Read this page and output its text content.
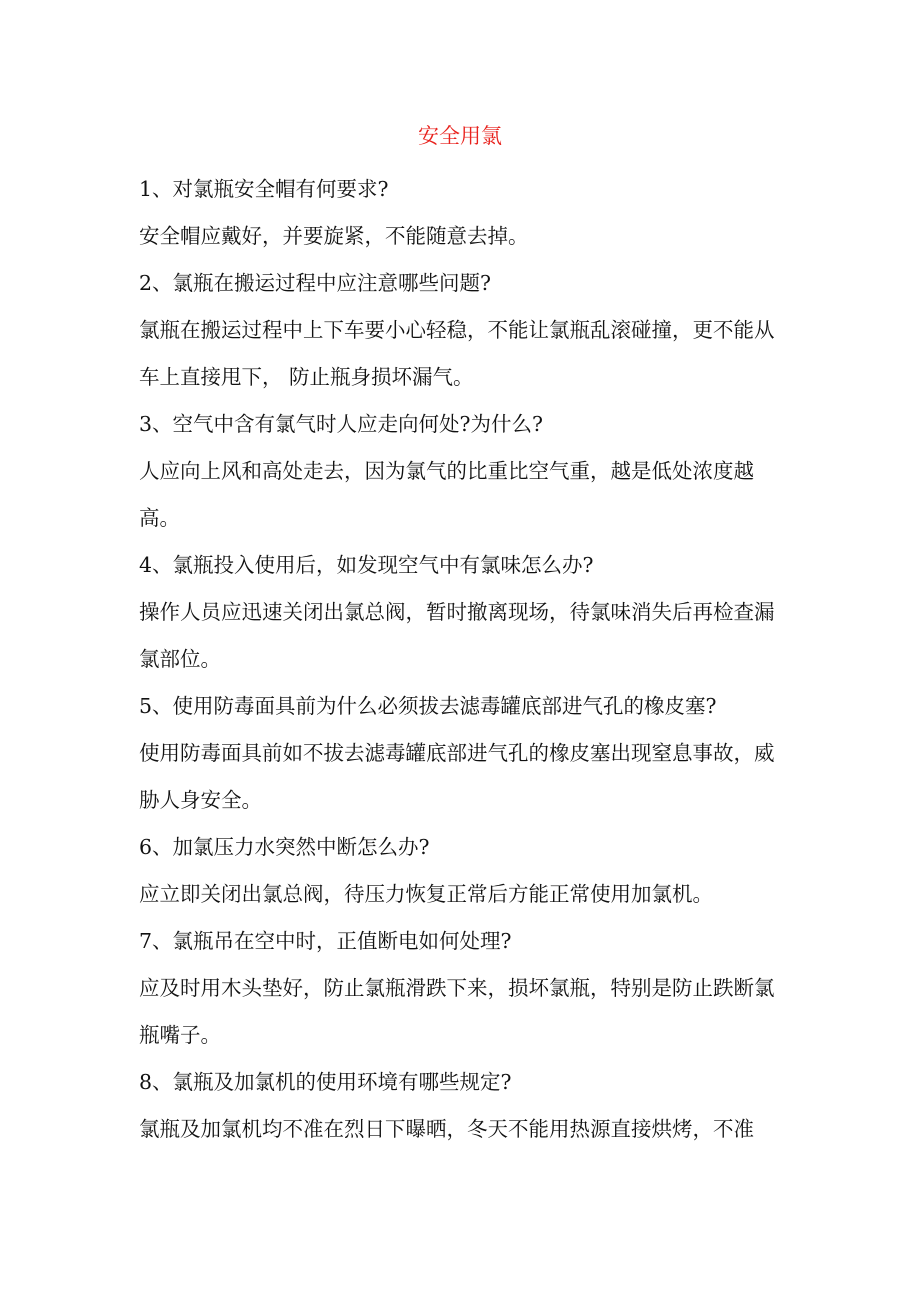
安全用氯

1、对氯瓶安全帽有何要求?

安全帽应戴好，并要旋紧，不能随意去掉。

2、氯瓶在搬运过程中应注意哪些问题?

氯瓶在搬运过程中上下车要小心轻稳，不能让氯瓶乱滚碰撞，更不能从车上直接甩下， 防止瓶身损坏漏气。

3、空气中含有氯气时人应走向何处?为什么?

人应向上风和高处走去，因为氯气的比重比空气重，越是低处浓度越高。

4、氯瓶投入使用后，如发现空气中有氯味怎么办?

操作人员应迅速关闭出氯总阀，暂时撤离现场，待氯味消失后再检查漏氯部位。

5、使用防毒面具前为什么必须拔去滤毒罐底部进气孔的橡皮塞?

使用防毒面具前如不拔去滤毒罐底部进气孔的橡皮塞出现窒息事故，威胁人身安全。

6、加氯压力水突然中断怎么办?

应立即关闭出氯总阀，待压力恢复正常后方能正常使用加氯机。

7、氯瓶吊在空中时，正值断电如何处理?

应及时用木头垫好，防止氯瓶滑跌下来，损坏氯瓶，特别是防止跌断氯瓶嘴子。

8、氯瓶及加氯机的使用环境有哪些规定?

氯瓶及加氯机均不准在烈日下曝晒，冬天不能用热源直接烘烤，不准
